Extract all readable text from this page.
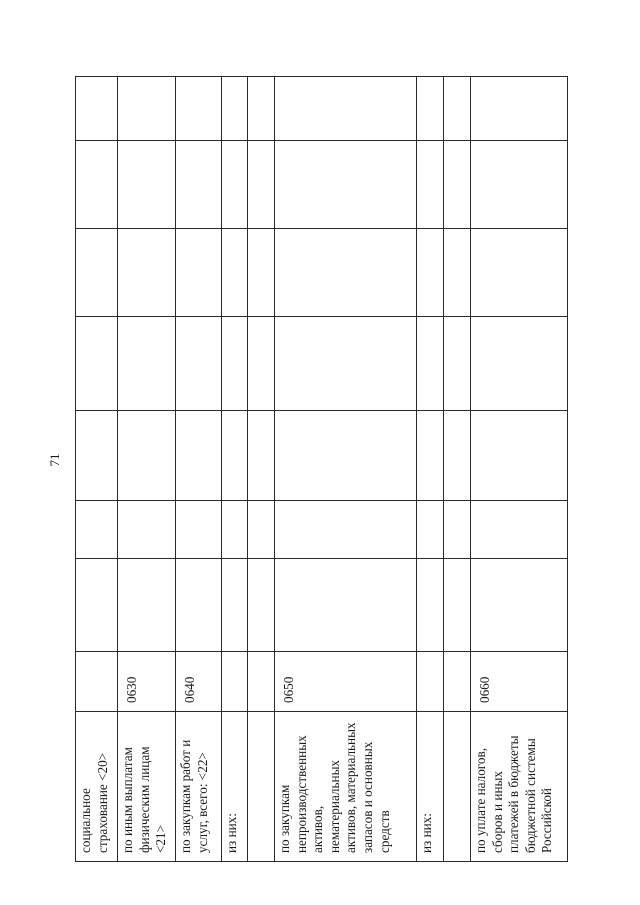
71
социальное страхование <20>								

по иным выплатам физическим лицам <21>	0630							

по закупкам работ и услуг, всего: <22>	0640							

из них:								

по закупкам непроизводственных активов, нематериальных активов, материальных запасов и основных средств	0650							

из них:								

по уплате налогов, сборов и иных платежей в бюджеты бюджетной системы Российской	0660							
